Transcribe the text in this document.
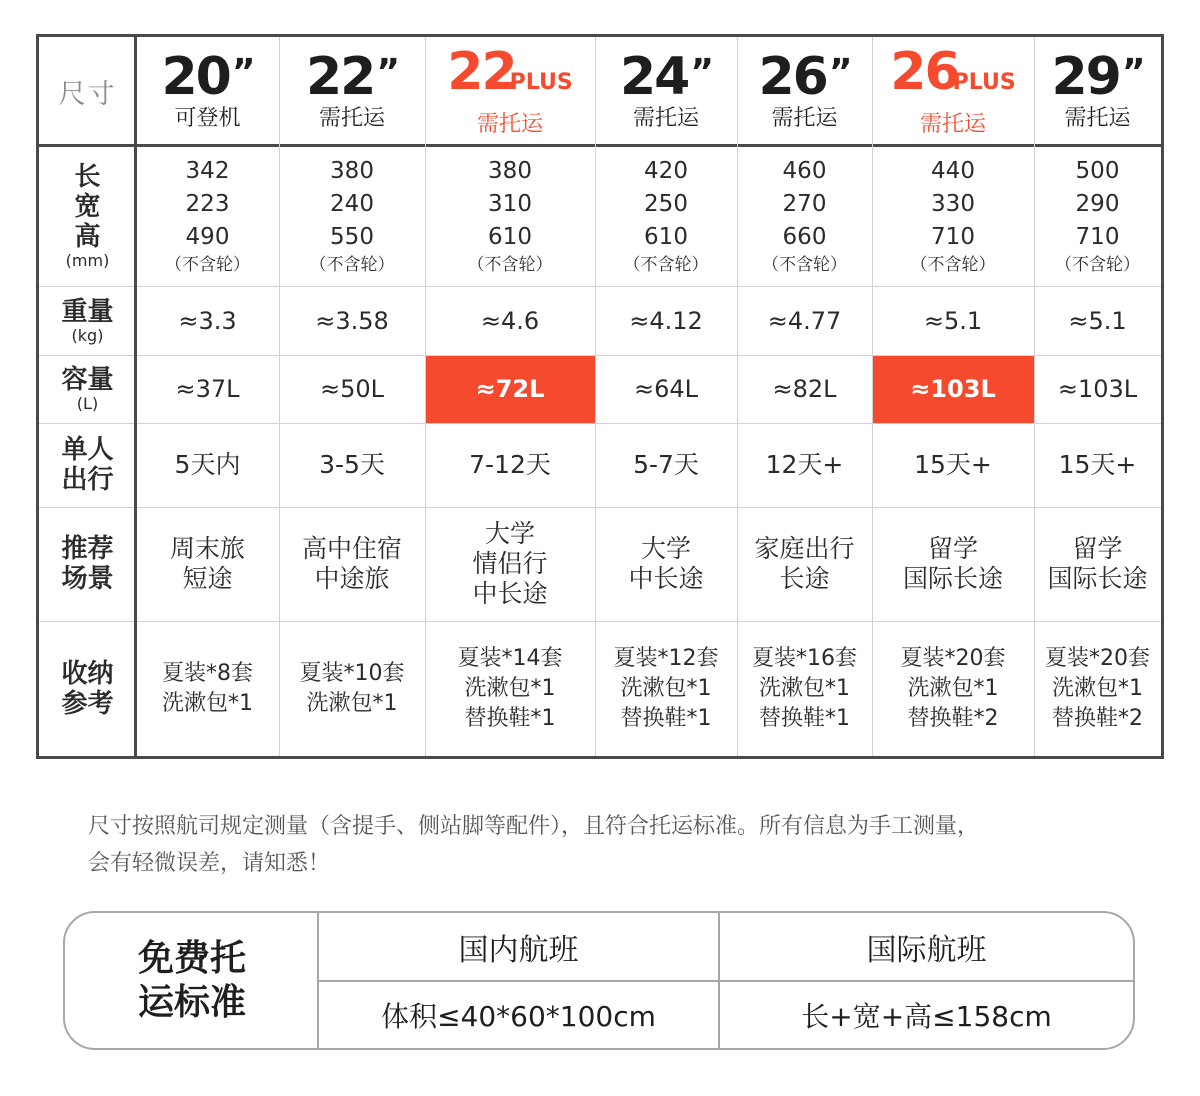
尺寸 20”
可登机
22”
需托运
22PLUS
需托运
24”
需托运
26”
需托运
26PLUS
需托运
29”
需托运
长
宽
高
(mm)
重量
(kg)
容量
(L)
单人
出行
推荐
场景
收纳
参考
342
223
490
（不含轮）
≈3.3
≈37L
5天内
周末旅
短途
夏装*8套
洗漱包*1
380
240
550
（不含轮）
≈3.58
≈50L
3-5天
高中住宿
中途旅
夏装*10套
洗漱包*1
380
310
610
（不含轮）
≈4.6
≈72L
7-12天
大学
情侣行
中长途
夏装*14套
洗漱包*1
替换鞋*1
420
250
610
（不含轮）
≈4.12
≈64L
5-7天
大学
中长途
夏装*12套
洗漱包*1
替换鞋*1
460
270
660
（不含轮）
≈4.77
≈82L
12天+
家庭出行
长途
夏装*16套
洗漱包*1
替换鞋*1
440
330
710
（不含轮）
≈5.1
≈103L
15天+
留学
国际长途
夏装*20套
洗漱包*1
替换鞋*2
500
290
710
（不含轮）
≈5.1
≈103L
15天+
留学
国际长途
夏装*20套
洗漱包*1
替换鞋*2
尺寸按照航司规定测量（含提手、侧站脚等配件），且符合托运标准。所有信息为手工测量，
会有轻微误差，请知悉！
免费托
运标准
国内航班	国际航班
体积≤40*60*100cm	长+宽+高≤158cm
